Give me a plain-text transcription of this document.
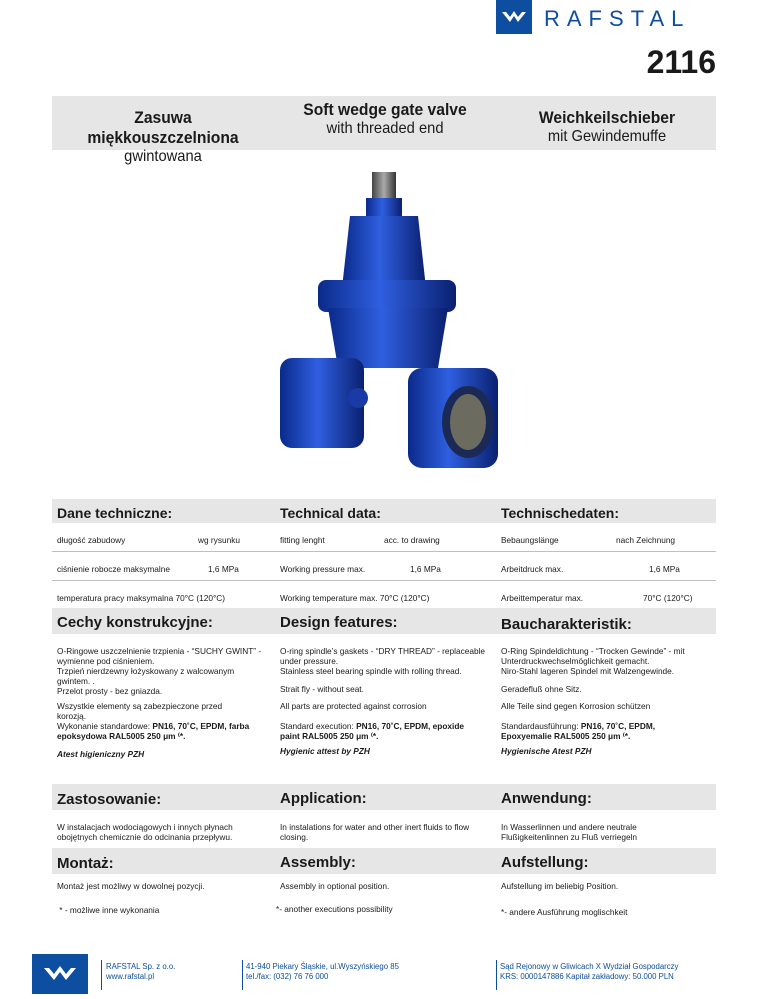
RAFSTAL
2116
Zasuwa miękkouszczelniona
gwintowana
Soft wedge gate valve
with threaded end
Weichkeilschieber
mit Gewindemuffe
Dane techniczne:	Technical data:	Technischedaten:
długość zabudowy	wg rysunku	fitting lenght	acc. to drawing	Bebaungslänge	nach Zeichnung
ciśnienie robocze maksymalne	1,6 MPa	Working pressure max.	1,6 MPa	Arbeitdruck max.	1,6 MPa
temperatura pracy maksymalna 70°C (120°C)	Working temperature max. 70°C (120°C)	Arbeittemperatur max.	70°C (120°C)
Cechy konstrukcyjne:	Design features:	Baucharakteristik:
O-Ringowe uszczelnienie trzpienia - “SUCHY GWINT” - wymienne pod ciśnieniem.
Trzpień nierdzewny łożyskowany z walcowanym gwintem. .
Przelot prosty - bez gniazda.
Wszystkie elementy są zabezpieczone przed korozją.
Wykonanie standardowe: PN16, 70˚C, EPDM, farba epoksydowa RAL5005 250 μm ⁽*.
Atest higieniczny PZH
O-ring spindle’s gaskets - “DRY THREAD” - replaceable under pressure.
Stainless steel bearing spindle with rolling thread.
Strait fly - without seat.
All parts are protected against corrosion
Standard execution: PN16, 70˚C, EPDM, epoxide paint RAL5005 250 μm ⁽*.
Hygienic attest by PZH
O-Ring Spindeldichtung - “Trocken Gewinde” - mit Unterdruckwechselmöglichkeit gemacht.
Niro-Stahl lageren Spindel mit Walzengewinde.
Geradefluß ohne Sitz.
Alle Teile sind gegen Korrosion schützen
Standardausführung: PN16, 70˚C, EPDM, Epoxyemalie RAL5005 250 μm ⁽*.
Hygienische Atest PZH
Zastosowanie:	Application:	Anwendung:
W instalacjach wodociągowych i innych płynach obojętnych chemicznie do odcinania przepływu.
In instalations for water and other inert fluids to flow closing.
In Wasserlinnen und andere neutrale Flußigkeitenlinnen zu Fluß verriegeln
Montaż:	Assembly:	Aufstellung:
Montaż jest możliwy w dowolnej pozycji.	Assembly in optional position.	Aufstellung im beliebig Position.
* - możliwe inne wykonania	*- another executions possibility	*- andere Ausführung moglischkeit
RAFSTAL Sp. z o.o.
www.rafstal.pl
41-940 Piekary Śląskie, ul.Wyszyńskiego 85
tel./fax: (032) 76 76 000
Sąd Rejonowy w Gliwicach X Wydział Gospodarczy
KRS: 0000147886 Kapitał zakładowy: 50.000 PLN
